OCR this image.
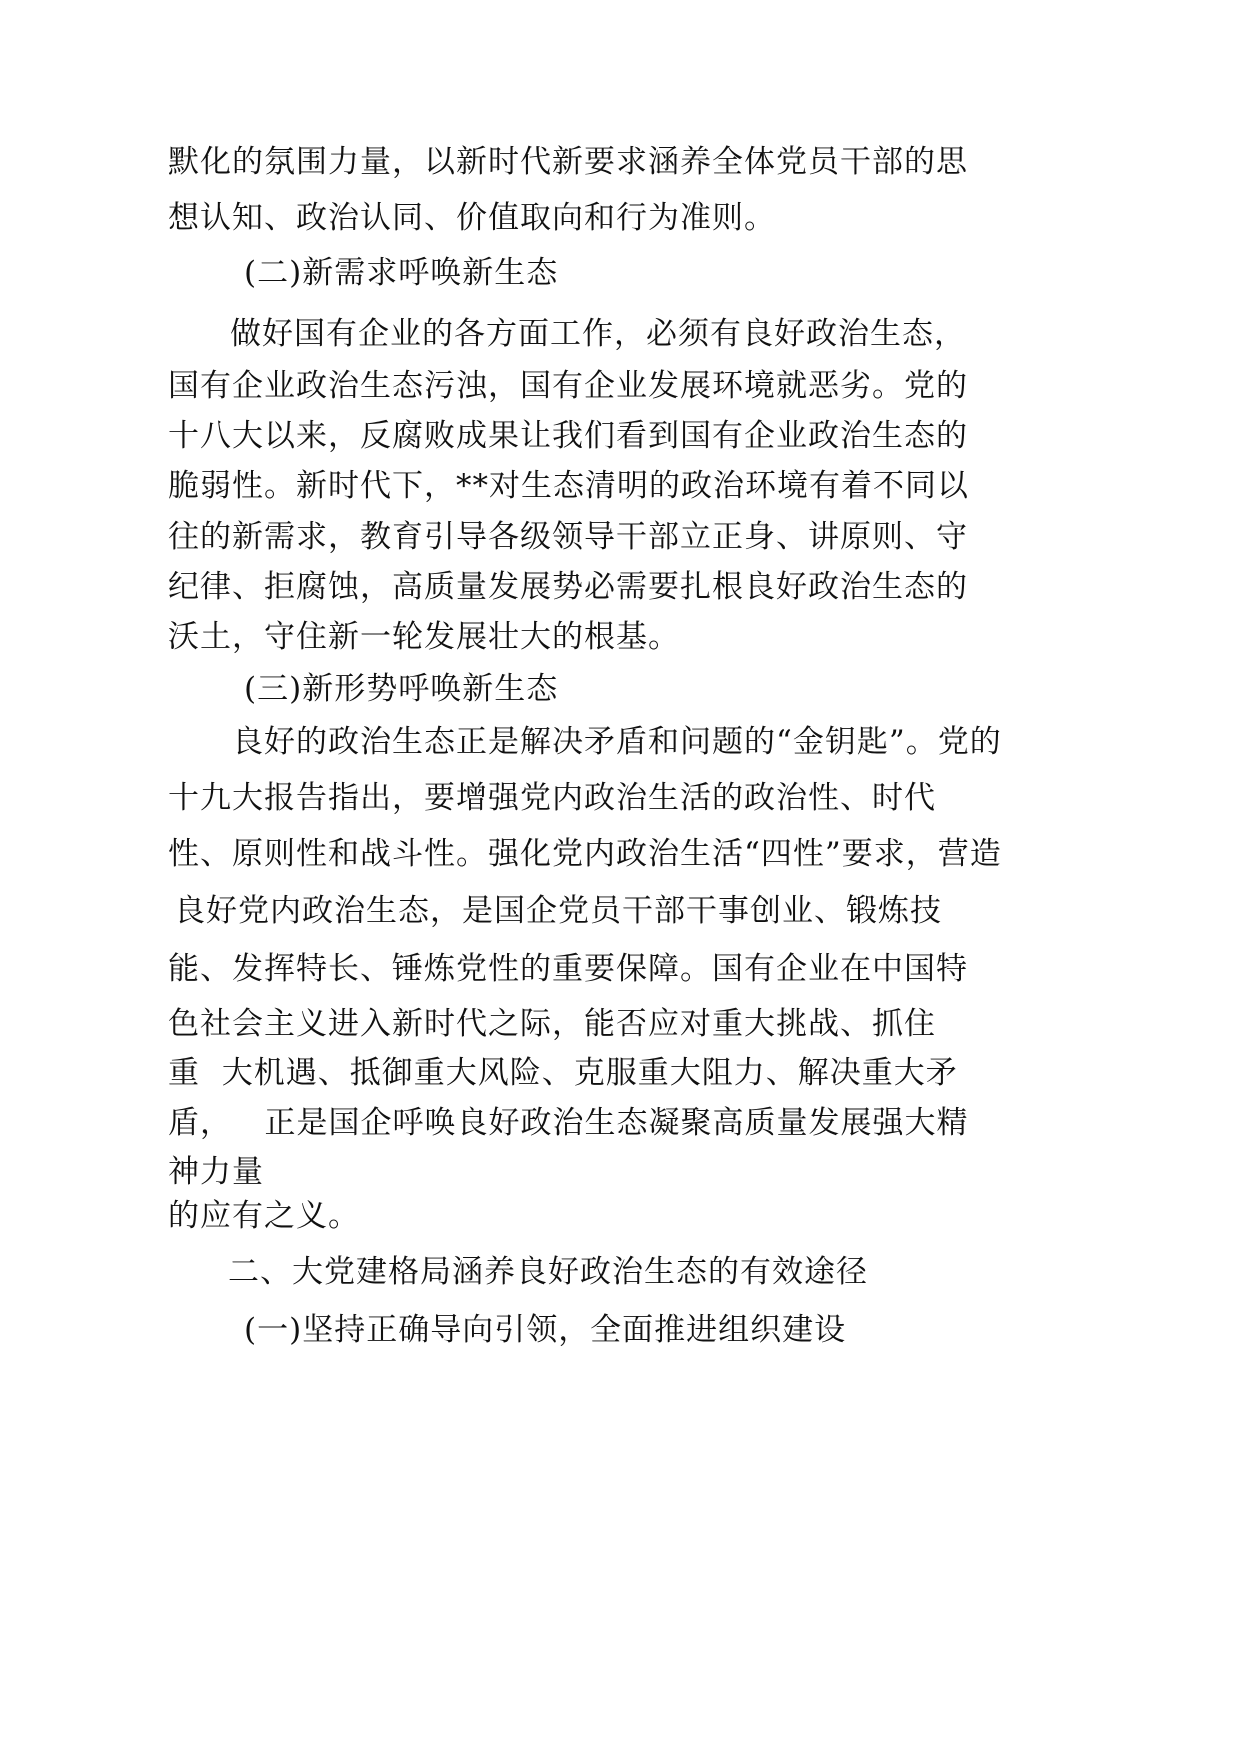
默化的氛围力量，以新时代新要求涵养全体党员干部的思

想认知、政治认同、价值取向和行为准则。

(二)新需求呼唤新生态

做好国有企业的各方面工作，必须有良好政治生态，

国有企业政治生态污浊，国有企业发展环境就恶劣。党的

十八大以来，反腐败成果让我们看到国有企业政治生态的

脆弱性。新时代下，**对生态清明的政治环境有着不同以

往的新需求，教育引导各级领导干部立正身、讲原则、守

纪律、拒腐蚀，高质量发展势必需要扎根良好政治生态的

沃土，守住新一轮发展壮大的根基。

(三)新形势呼唤新生态

良好的政治生态正是解决矛盾和问题的“金钥匙”。党的

十九大报告指出，要增强党内政治生活的政治性、时代

性、原则性和战斗性。强化党内政治生活“四性”要求，营造

良好党内政治生态，是国企党员干部干事创业、锻炼技

能、发挥特长、锤炼党性的重要保障。国有企业在中国特

色社会主义进入新时代之际，能否应对重大挑战、抓住

重  大机遇、抵御重大风险、克服重大阻力、解决重大矛

盾，   正是国企呼唤良好政治生态凝聚高质量发展强大精

神力量

的应有之义。

二、大党建格局涵养良好政治生态的有效途径

(一)坚持正确导向引领，全面推进组织建设
